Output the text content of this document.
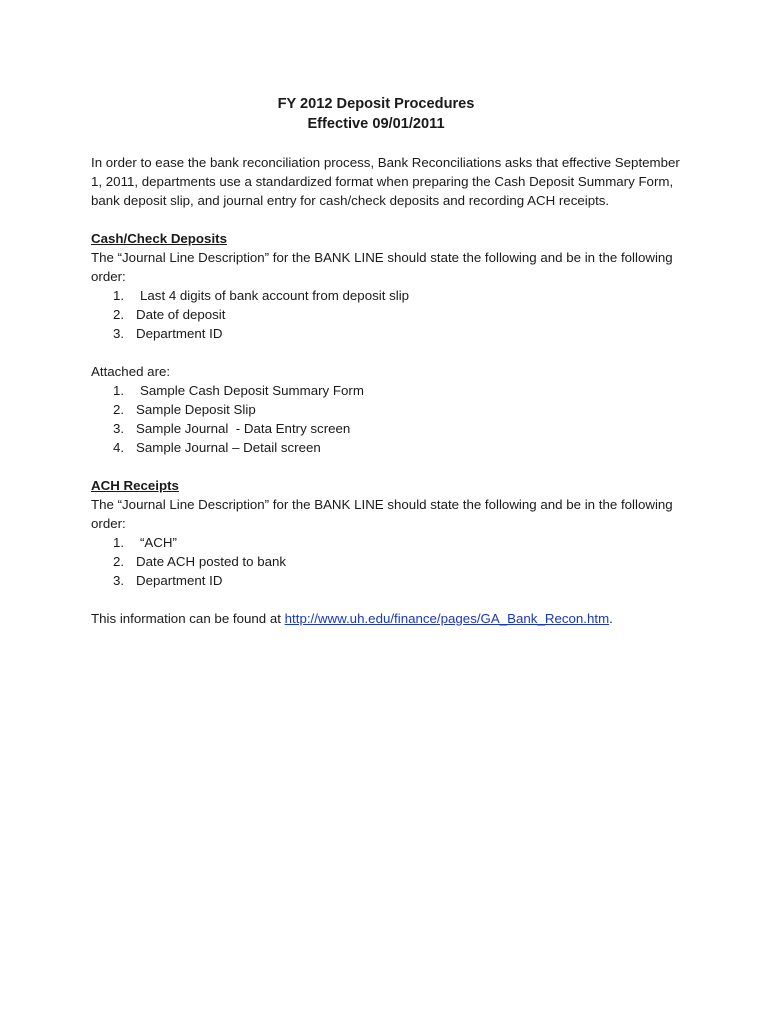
FY 2012 Deposit Procedures

Effective 09/01/2011

In order to ease the bank reconciliation process, Bank Reconciliations asks that effective September 1, 2011, departments use a standardized format when preparing the Cash Deposit Summary Form, bank deposit slip, and journal entry for cash/check deposits and recording ACH receipts.

Cash/Check Deposits

The “Journal Line Description” for the BANK LINE should state the following and be in the following order:

1. Last 4 digits of bank account from deposit slip
2. Date of deposit
3. Department ID

Attached are:

1. Sample Cash Deposit Summary Form
2. Sample Deposit Slip
3. Sample Journal  - Data Entry screen
4. Sample Journal – Detail screen

ACH Receipts

The “Journal Line Description” for the BANK LINE should state the following and be in the following order:

1. “ACH”
2. Date ACH posted to bank
3. Department ID

This information can be found at http://www.uh.edu/finance/pages/GA_Bank_Recon.htm.
